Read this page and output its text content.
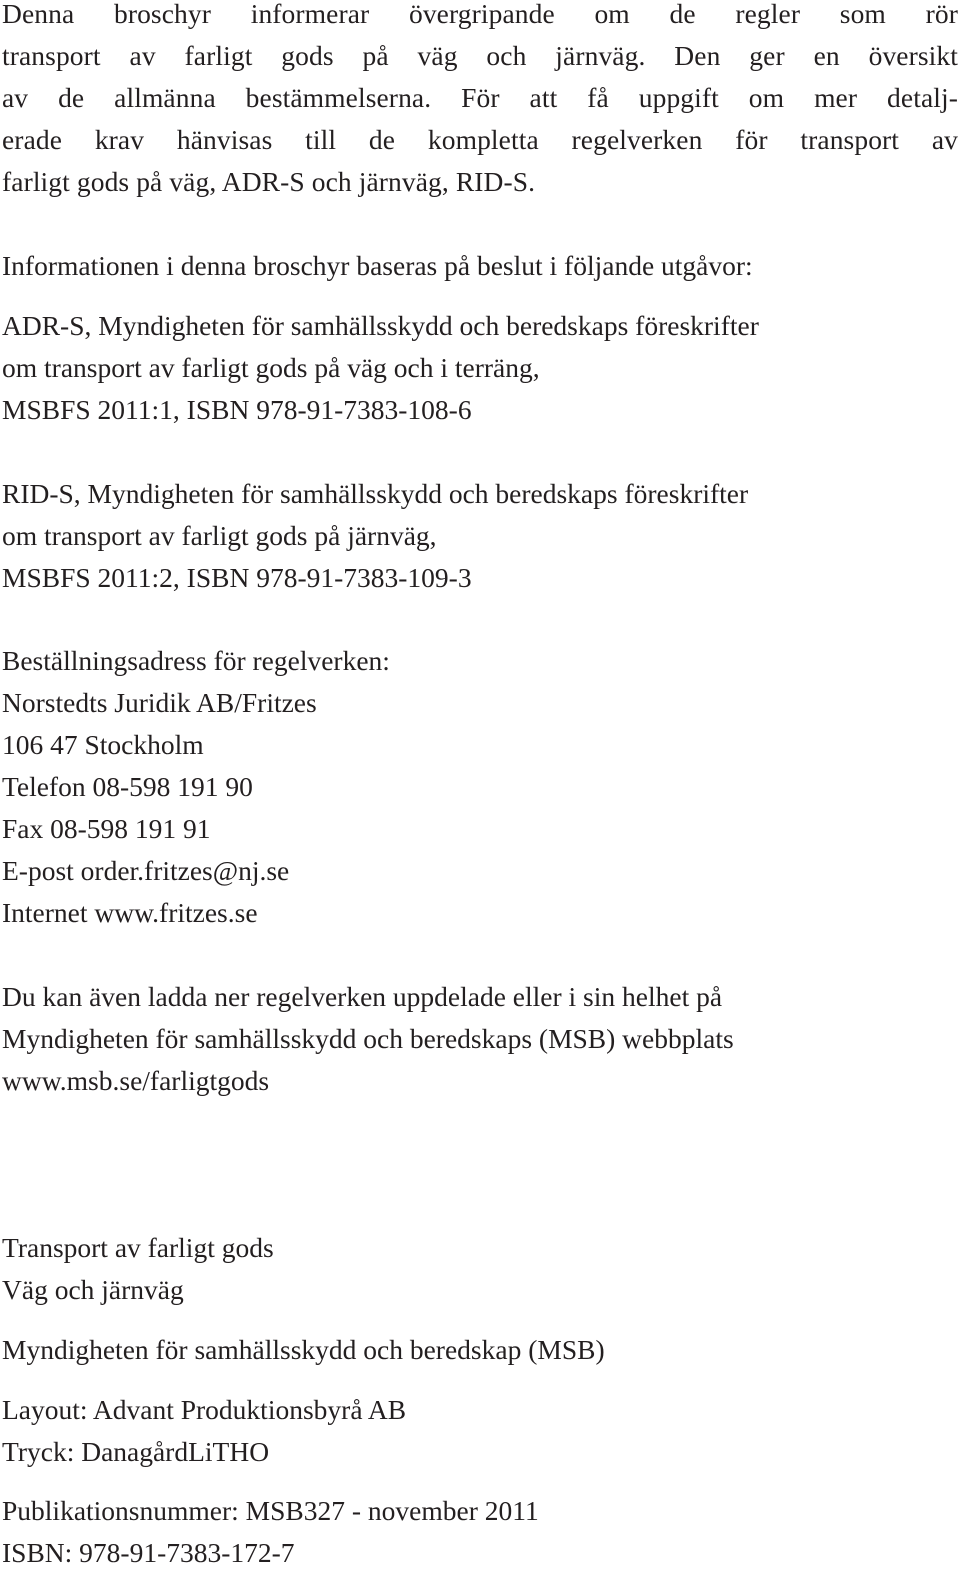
Denna broschyr informerar övergripande om de regler som rör
transport av farligt gods på väg och järnväg. Den ger en översikt
av de allmänna bestämmelserna. För att få uppgift om mer detalj-
erade krav hänvisas till de kompletta regelverken för transport av
farligt gods på väg, ADR-S och järnväg, RID-S.

Informationen i denna broschyr baseras på beslut i följande utgåvor:
ADR-S, Myndigheten för samhällsskydd och beredskaps föreskrifter
om transport av farligt gods på väg och i terräng,
MSBFS 2011:1, ISBN 978-91-7383-108-6
RID-S, Myndigheten för samhällsskydd och beredskaps föreskrifter
om transport av farligt gods på järnväg,
MSBFS 2011:2, ISBN 978-91-7383-109-3
Beställningsadress för regelverken:
Norstedts Juridik AB/Fritzes
106 47 Stockholm
Telefon 08-598 191 90
Fax 08-598 191 91
E-post order.fritzes@nj.se
Internet www.fritzes.se
Du kan även ladda ner regelverken uppdelade eller i sin helhet på
Myndigheten för samhällsskydd och beredskaps (MSB) webbplats
www.msb.se/farligtgods
Transport av farligt gods
Väg och järnväg
Myndigheten för samhällsskydd och beredskap (MSB)
Layout: Advant Produktionsbyrå AB
Tryck: DanagårdLiTHO
Publikationsnummer: MSB327 - november 2011
ISBN: 978-91-7383-172-7
